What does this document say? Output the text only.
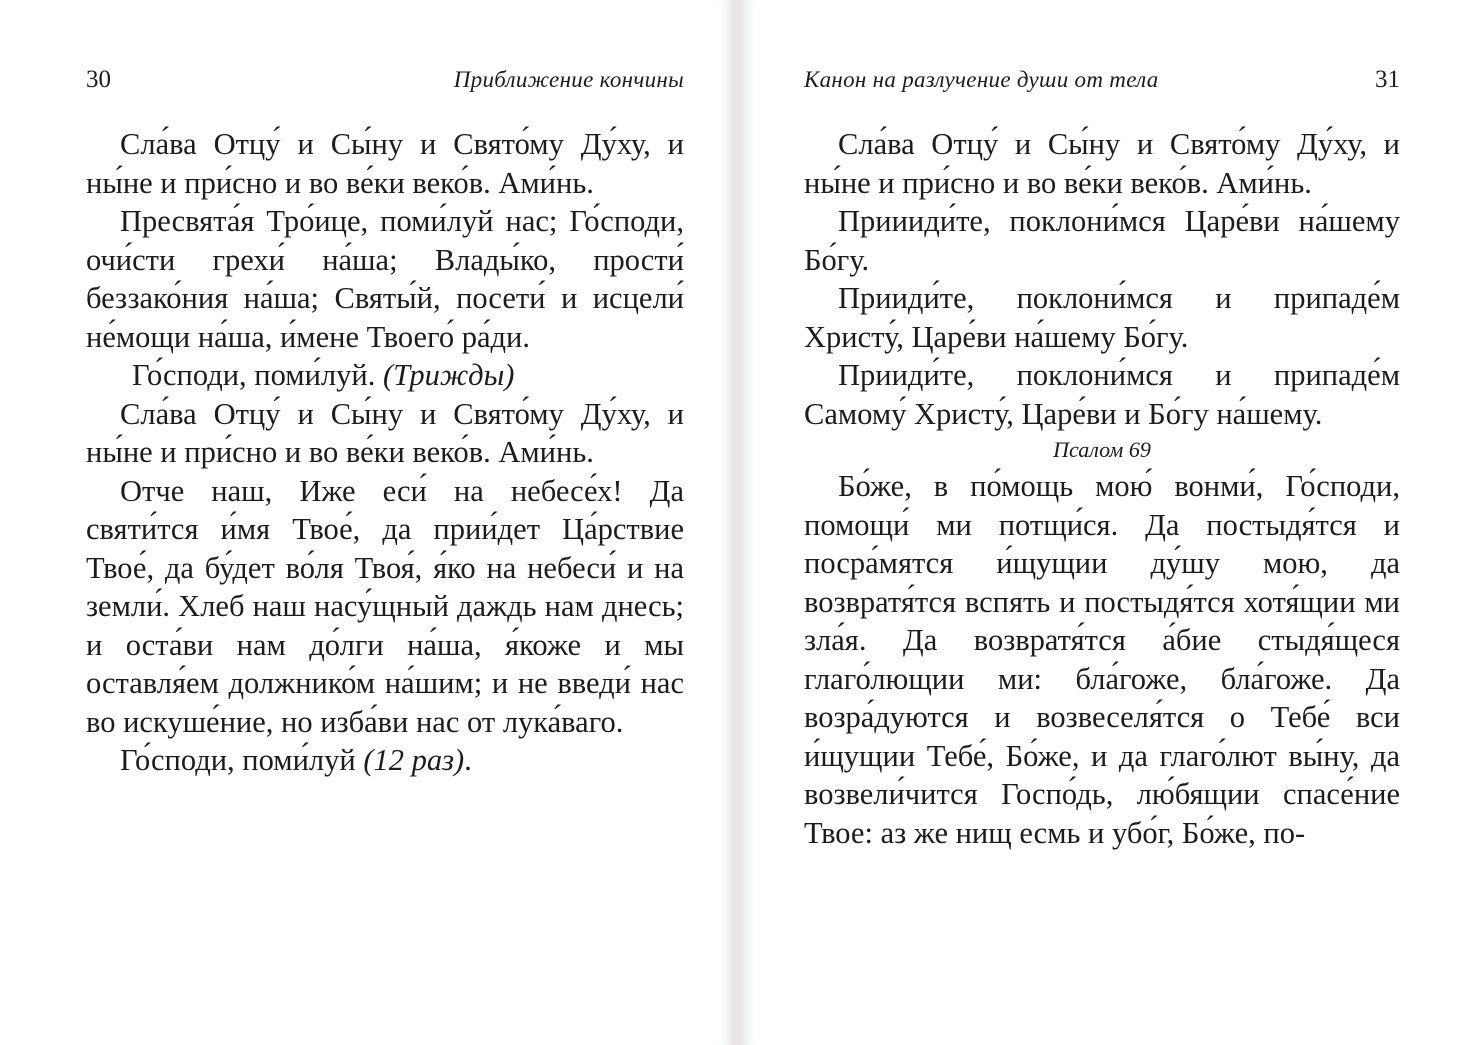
30	Приближение кончины

Сла́ва Отцу́ и Сы́ну и Свято́му Ду́ху, и ны́не и при́сно и во ве́ки веко́в. Ами́нь.

Пресвята́я Тро́ице, поми́луй нас; Го́споди, очи́сти грехи́ на́ша; Влады́ко, прости́ беззако́ния на́ша; Святы́й, посети́ и исцели́ не́мощи на́ша, и́мене Твоего́ ра́ди.

Го́споди, поми́луй. (Трижды)

Сла́ва Отцу́ и Сы́ну и Свято́му Ду́ху, и ны́не и при́сно и во ве́ки веко́в. Ами́нь.

Отче наш, Иже еси́ на небесе́х! Да святи́тся и́мя Твое́, да прии́дет Ца́рствие Твое́, да бу́дет во́ля Твоя́, я́ко на небеси́ и на земли́. Хлеб наш насу́щный даждь нам днесь; и оста́ви нам до́лги на́ша, я́коже и мы оставля́ем должнико́м на́шим; и не введи́ нас во искуше́ние, но изба́ви нас от лука́ваго.

Го́споди, поми́луй (12 раз).

Канон на разлучение души от тела	31

Сла́ва Отцу́ и Сы́ну и Свято́му Ду́ху, и ны́не и при́сно и во ве́ки веко́в. Ами́нь.

Приииди́те, поклони́мся Царе́ви на́шему Бо́гу.

Прииди́те, поклони́мся и припаде́м Христу́, Царе́ви на́шему Бо́гу.

Прииди́те, поклони́мся и припаде́м Самому́ Христу́, Царе́ви и Бо́гу на́шему.

Псалом 69

Бо́же, в по́мощь мою́ вонми́, Го́споди, помощи́ ми потщи́ся. Да постыдя́тся и посра́мятся и́щущии ду́шу мою, да возвратя́тся вспять и постыдя́тся хотя́щии ми зла́я. Да возвратя́тся а́бие стыдя́щеся глаго́лющии ми: бла́гоже, бла́гоже. Да возра́дуются и возвеселя́тся о Тебе́ вси и́щущии Тебе́, Бо́же, и да глаго́лют вы́ну, да возвели́чится Госпо́дь, лю́бящии спасе́ние Твое: аз же нищ есмь и убо́г, Бо́же, по-
